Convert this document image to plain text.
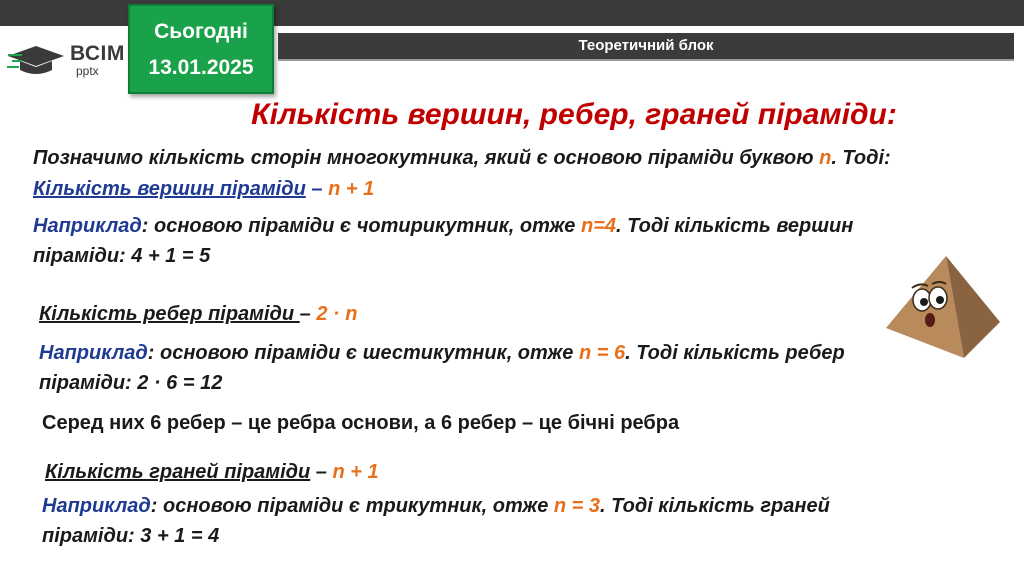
ВСІМ
pptx
Сьогодні
13.01.2025
Теоретичний блок
Кількість вершин, ребер, граней піраміди:
Позначимо кількість сторін многокутника, який є основою піраміди буквою n. Тоді:
Кількість вершин піраміди – n + 1
Наприклад: основою піраміди є чотирикутник, отже n=4. Тоді кількість вершин
піраміди: 4 + 1 = 5
Кількість ребер піраміди – 2 · n
Наприклад: основою піраміди є шестикутник, отже n = 6. Тоді кількість ребер
піраміди: 2 · 6 = 12
Серед них 6 ребер – це ребра основи, а 6 ребер – це бічні ребра
Кількість граней піраміди – n + 1
Наприклад: основою піраміди є трикутник, отже n = 3. Тоді кількість граней
піраміди: 3 + 1 = 4
